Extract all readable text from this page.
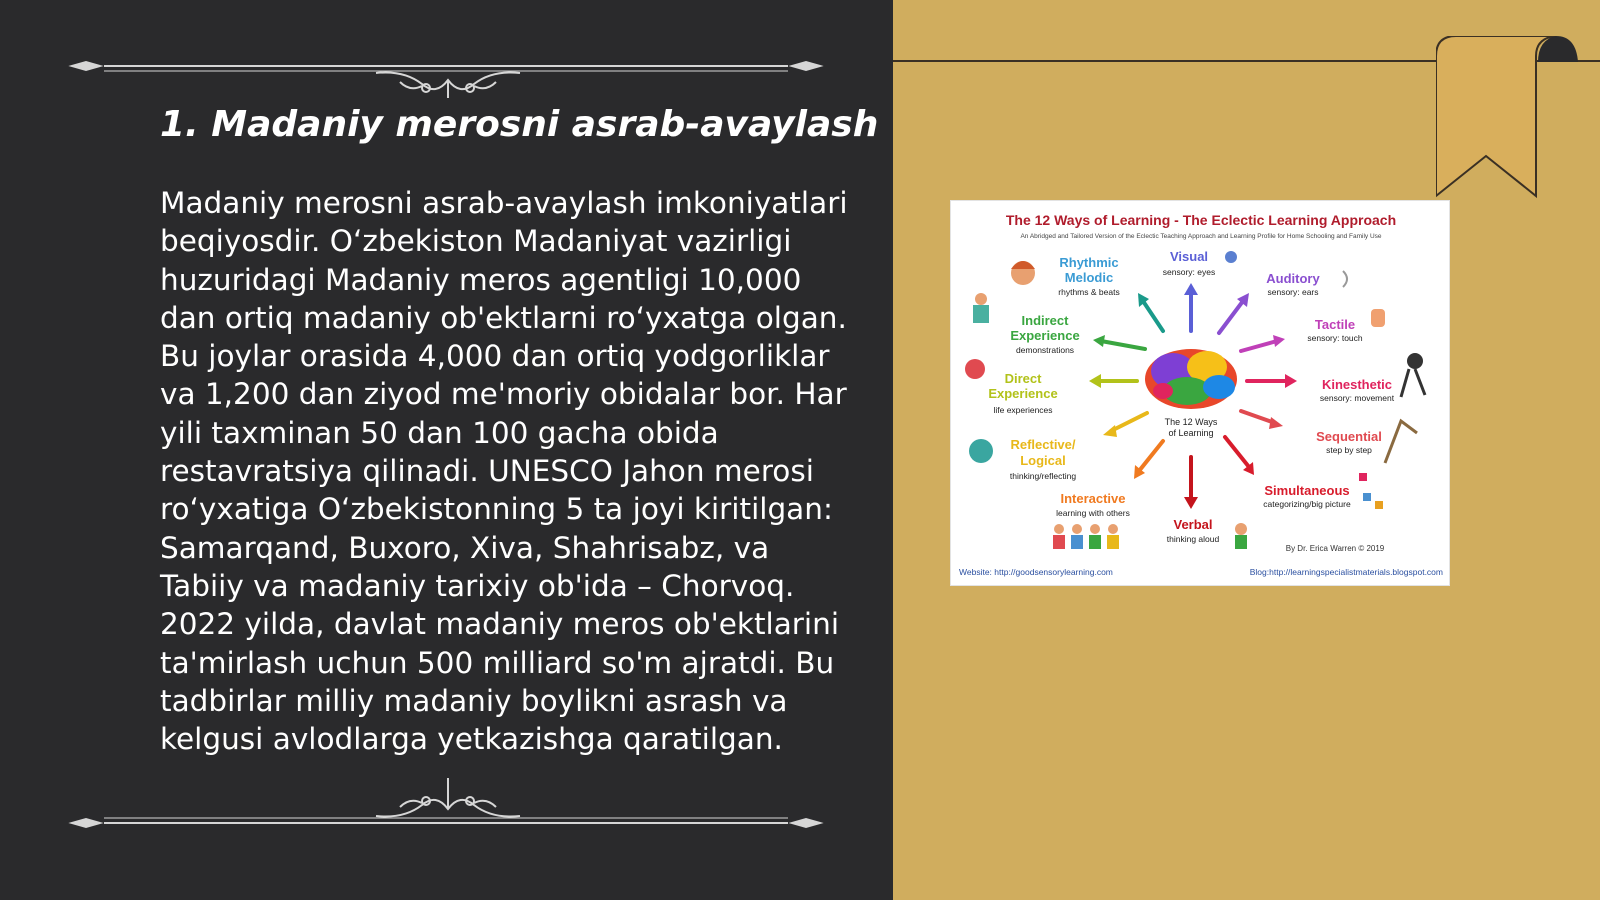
1. Madaniy merosni asrab-avaylash

Madaniy merosni asrab-avaylash imkoniyatlari beqiyosdir. O‘zbekiston Madaniyat vazirligi huzuridagi Madaniy meros agentligi 10,000 dan ortiq madaniy ob'ektlarni ro‘yxatga olgan. Bu joylar orasida 4,000 dan ortiq yodgorliklar va 1,200 dan ziyod me'moriy obidalar bor. Har yili taxminan 50 dan 100 gacha obida restavratsiya qilinadi. UNESCO Jahon merosi ro‘yxatiga O‘zbekistonning 5 ta joyi kiritilgan: Samarqand, Buxoro, Xiva, Shahrisabz, va Tabiiy va madaniy tarixiy ob'ida – Chorvoq. 2022 yilda, davlat madaniy meros ob'ektlarini ta'mirlash uchun 500 milliard so'm ajratdi. Bu tadbirlar milliy madaniy boylikni asrash va kelgusi avlodlarga yetkazishga qaratilgan.

The 12 Ways of Learning - The Eclectic Learning Approach
An Abridged and Tailored Version of the Eclectic Teaching Approach and Learning Profile for Home Schooling and Family Use
The 12 Ways
of Learning
Rhythmic
Melodic
rhythms & beats
Visual
sensory: eyes	Auditory
sensory: ears
Indirect
Experience
demonstrations
Tactile
sensory: touch
Direct
Experience
life experiences
Kinesthetic
sensory: movement
Reflective/
Logical
thinking/reflecting
Sequential
step by step
Interactive
learning with others
Simultaneous
categorizing/big picture
Verbal
thinking aloud
By Dr. Erica Warren © 2019
Website: http://goodsensorylearning.com	Blog:http://learningspecialistmaterials.blogspot.com
